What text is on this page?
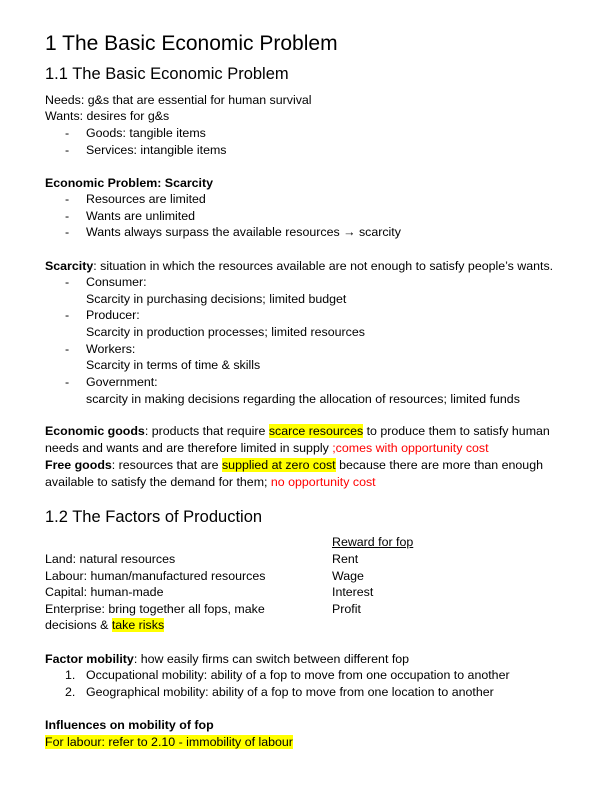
1 The Basic Economic Problem
1.1 The Basic Economic Problem
Needs: g&s that are essential for human survival
Wants: desires for g&s
- Goods: tangible items
- Services: intangible items
Economic Problem: Scarcity
- Resources are limited
- Wants are unlimited
- Wants always surpass the available resources → scarcity
Scarcity: situation in which the resources available are not enough to satisfy people’s wants.
- Consumer:
Scarcity in purchasing decisions; limited budget
- Producer:
Scarcity in production processes; limited resources
- Workers:
Scarcity in terms of time & skills
- Government:
scarcity in making decisions regarding the allocation of resources; limited funds
Economic goods: products that require scarce resources to produce them to satisfy human
needs and wants and are therefore limited in supply ;comes with opportunity cost
Free goods: resources that are supplied at zero cost because there are more than enough
available to satisfy the demand for them; no opportunity cost
1.2 The Factors of Production
Reward for fop
Land: natural resources	Rent
Labour: human/manufactured resources	Wage
Capital: human-made	Interest
Enterprise: bring together all fops, make	Profit
decisions & take risks
Factor mobility: how easily firms can switch between different fop
1. Occupational mobility: ability of a fop to move from one occupation to another
2. Geographical mobility: ability of a fop to move from one location to another
Influences on mobility of fop
For labour: refer to 2.10 - immobility of labour
